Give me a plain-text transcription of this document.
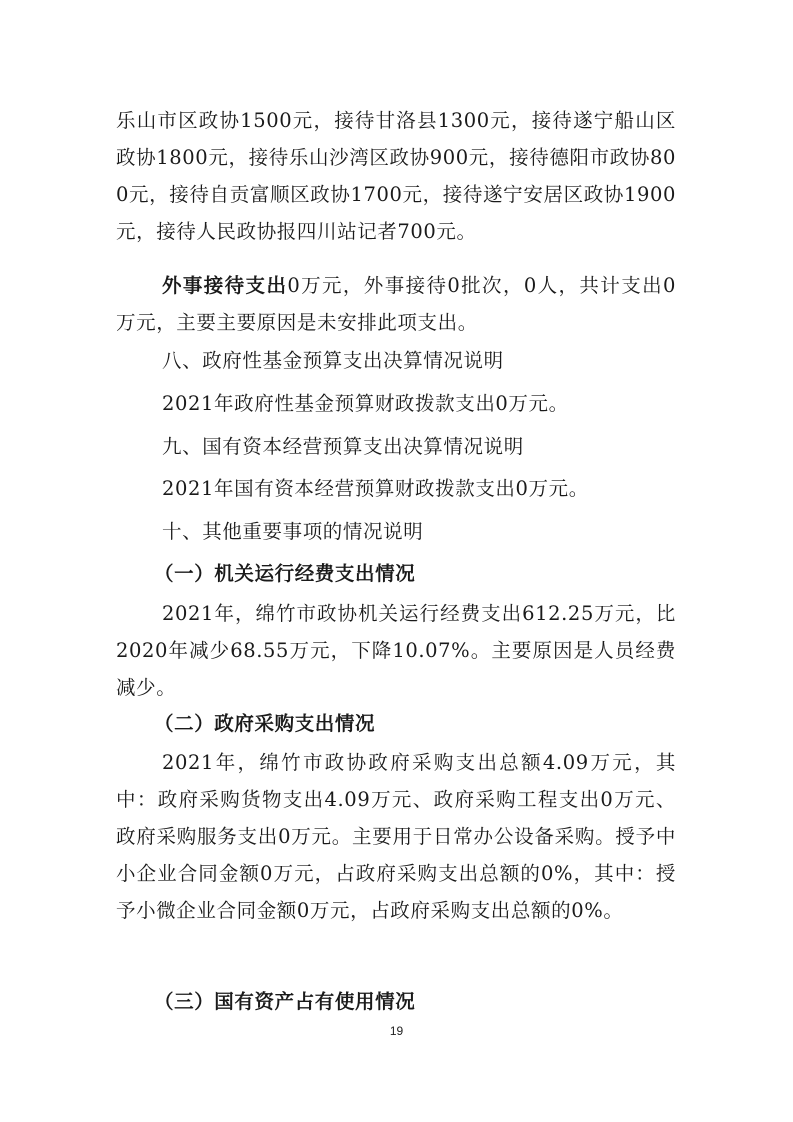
乐山市区政协1500元，接待甘洛县1300元，接待遂宁船山区政协1800元，接待乐山沙湾区政协900元，接待德阳市政协800元，接待自贡富顺区政协1700元，接待遂宁安居区政协1900元，接待人民政协报四川站记者700元。

外事接待支出0万元，外事接待0批次，0人，共计支出0万元，主要主要原因是未安排此项支出。

八、政府性基金预算支出决算情况说明

2021年政府性基金预算财政拨款支出0万元。

九、国有资本经营预算支出决算情况说明

2021年国有资本经营预算财政拨款支出0万元。

十、其他重要事项的情况说明

（一）机关运行经费支出情况

2021年，绵竹市政协机关运行经费支出612.25万元，比2020年减少68.55万元，下降10.07%。主要原因是人员经费减少。

（二）政府采购支出情况

2021年，绵竹市政协政府采购支出总额4.09万元，其中：政府采购货物支出4.09万元、政府采购工程支出0万元、政府采购服务支出0万元。主要用于日常办公设备采购。授予中小企业合同金额0万元，占政府采购支出总额的0%，其中：授予小微企业合同金额0万元，占政府采购支出总额的0%。

（三）国有资产占有使用情况

19
